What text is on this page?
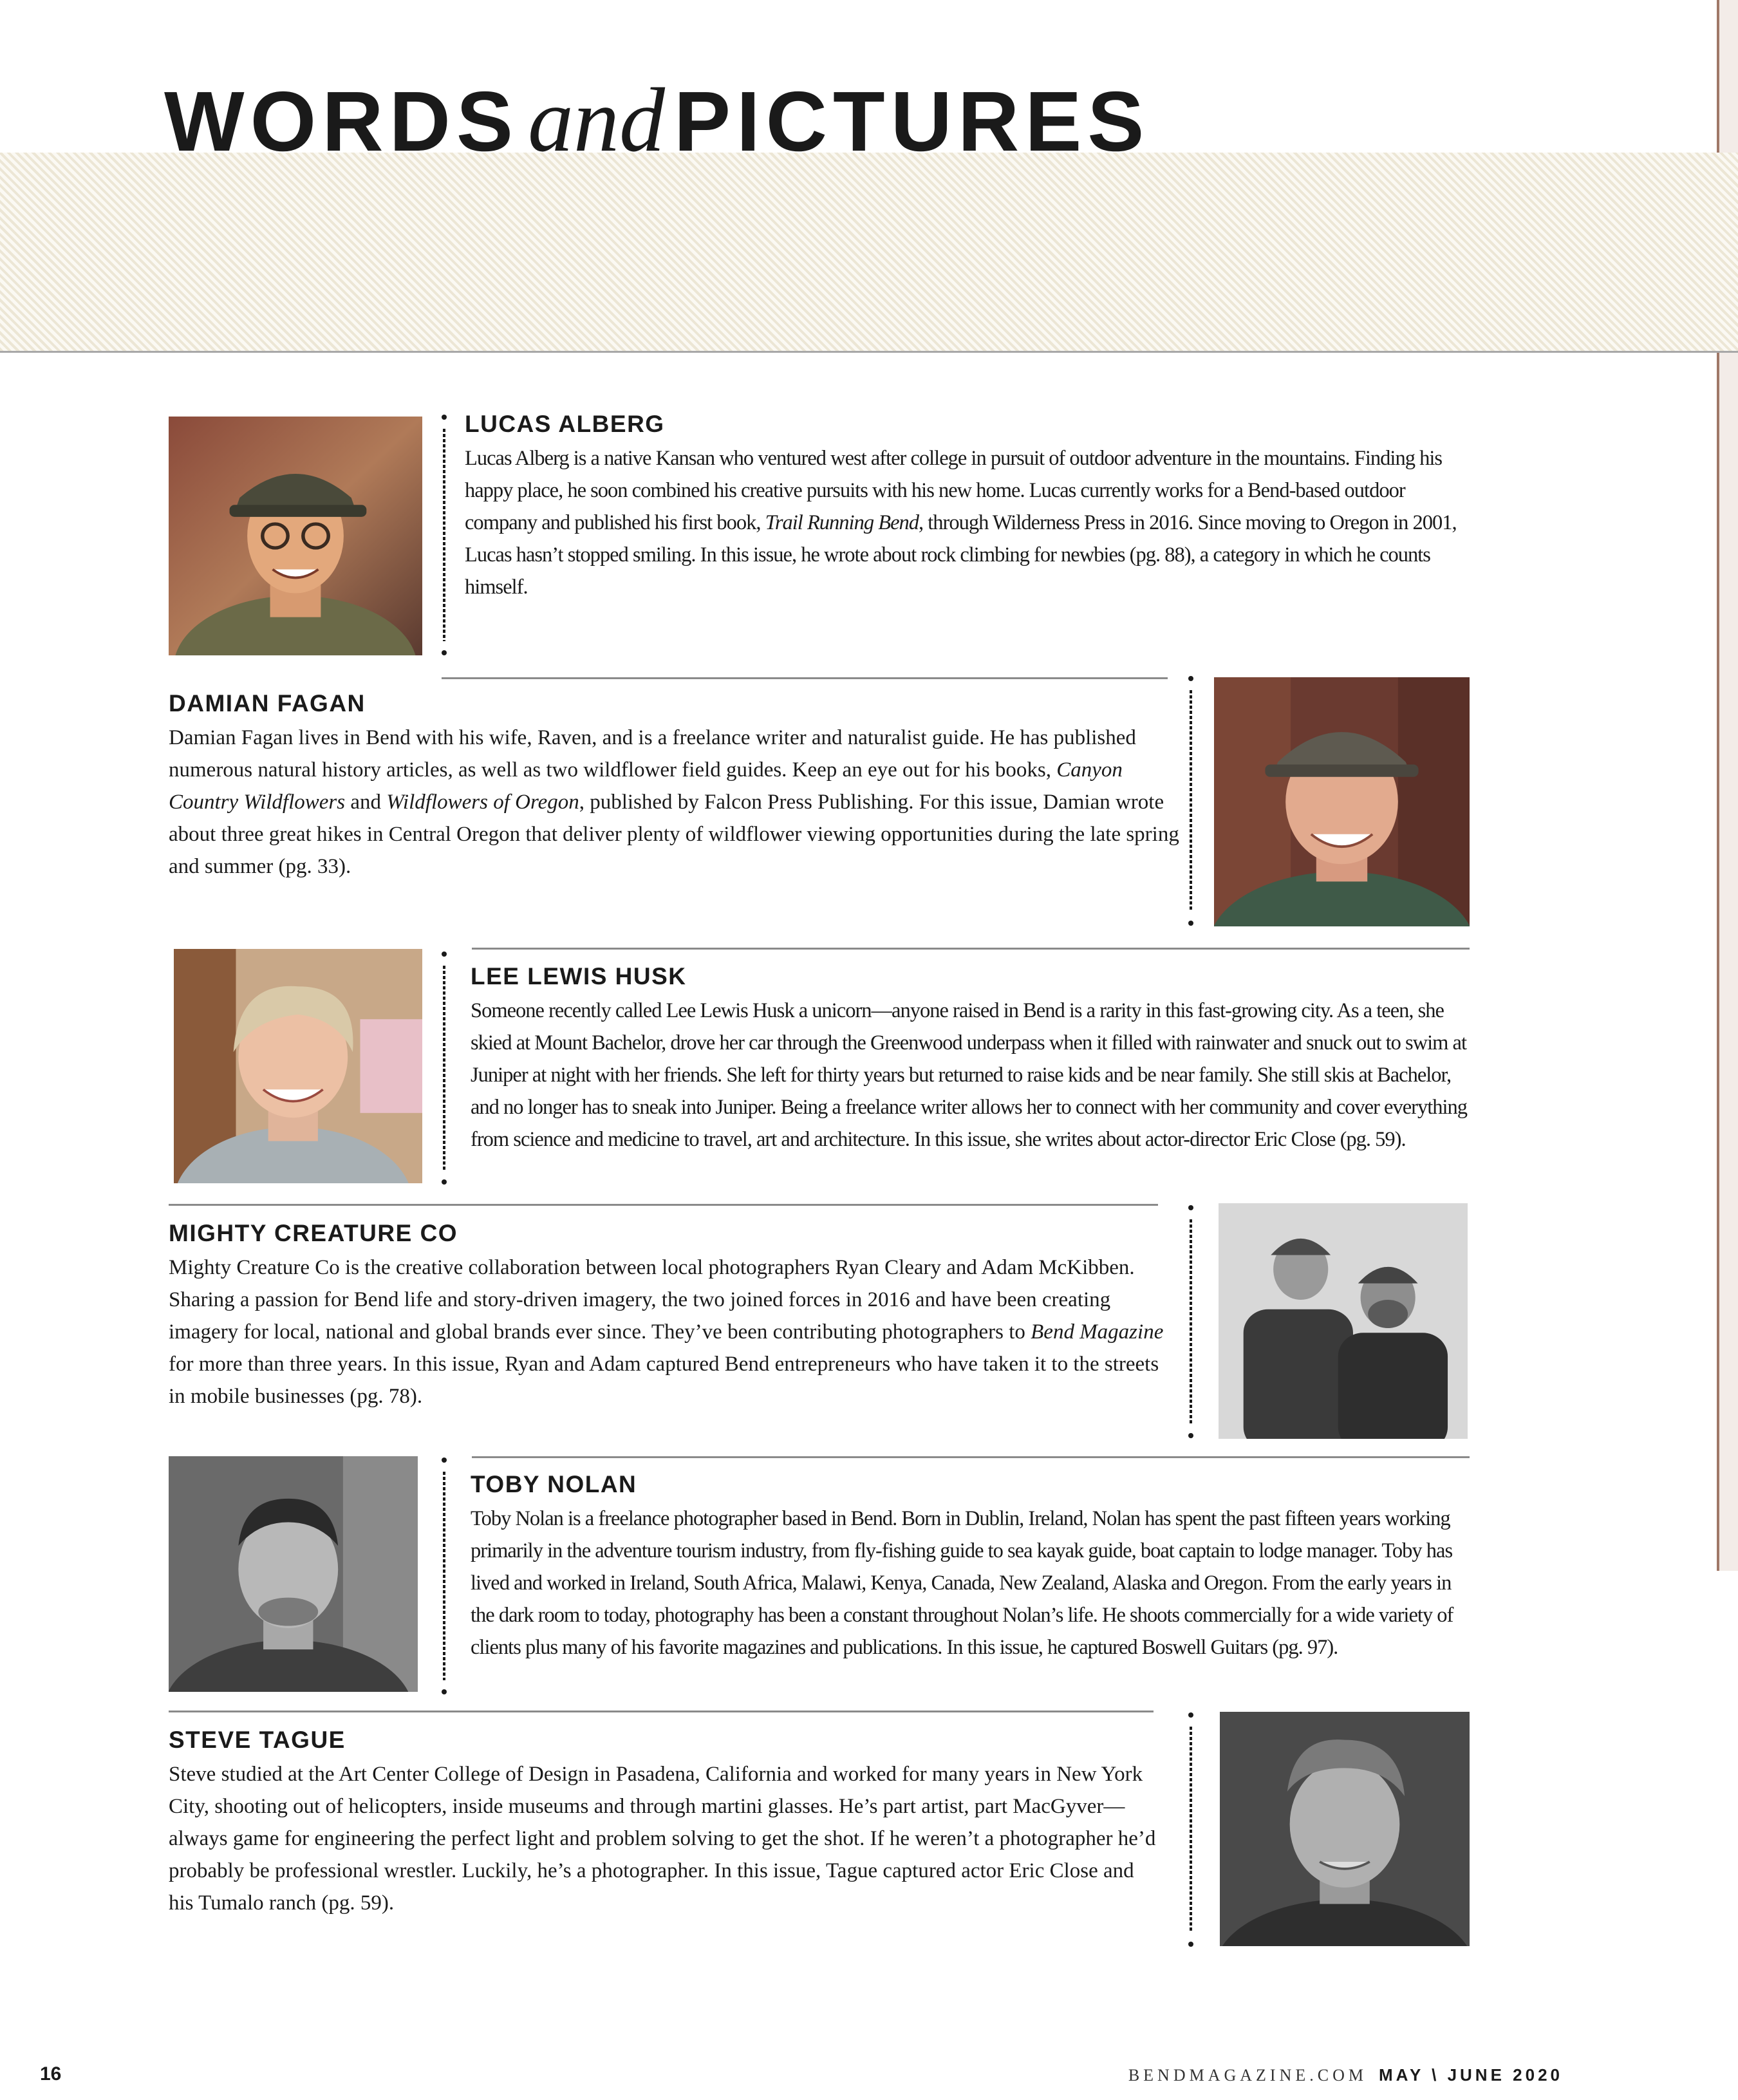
WORDSand PICTURES
LUCAS ALBERG

Lucas Alberg is a native Kansan who ventured west after college in pursuit of outdoor adventure in the mountains. Finding his happy place, he soon combined his creative pursuits with his new home. Lucas currently works for a Bend-based outdoor company and published his first book, Trail Running Bend, through Wilderness Press in 2016. Since moving to Oregon in 2001, Lucas hasn’t stopped smiling. In this issue, he wrote about rock climbing for newbies (pg. 88), a category in which he counts himself.

DAMIAN FAGAN

Damian Fagan lives in Bend with his wife, Raven, and is a freelance writer and naturalist guide. He has published numerous natural history articles, as well as two wildflower field guides. Keep an eye out for his books, Canyon Country Wildflowers and Wildflowers of Oregon, published by Falcon Press Publishing. For this issue, Damian wrote about three great hikes in Central Oregon that deliver plenty of wildflower viewing opportunities during the late spring and summer (pg. 33).

LEE LEWIS HUSK

Someone recently called Lee Lewis Husk a unicorn—anyone raised in Bend is a rarity in this fast-growing city. As a teen, she skied at Mount Bachelor, drove her car through the Greenwood underpass when it filled with rainwater and snuck out to swim at Juniper at night with her friends. She left for thirty years but returned to raise kids and be near family. She still skis at Bachelor, and no longer has to sneak into Juniper. Being a freelance writer allows her to connect with her community and cover everything from science and medicine to travel, art and architecture. In this issue, she writes about actor-director Eric Close (pg. 59).

MIGHTY CREATURE CO

Mighty Creature Co is the creative collaboration between local photographers Ryan Cleary and Adam McKibben. Sharing a passion for Bend life and story-driven imagery, the two joined forces in 2016 and have been creating imagery for local, national and global brands ever since. They’ve been contributing photographers to Bend Magazine for more than three years. In this issue, Ryan and Adam captured Bend entrepreneurs who have taken it to the streets in mobile businesses (pg. 78).

TOBY NOLAN

Toby Nolan is a freelance photographer based in Bend. Born in Dublin, Ireland, Nolan has spent the past fifteen years working primarily in the adventure tourism industry, from fly-fishing guide to sea kayak guide, boat captain to lodge manager. Toby has lived and worked in Ireland, South Africa, Malawi, Kenya, Canada, New Zealand, Alaska and Oregon. From the early years in the dark room to today, photography has been a constant throughout Nolan’s life. He shoots commercially for a wide variety of clients plus many of his favorite magazines and publications. In this issue, he captured Boswell Guitars (pg. 97).

STEVE TAGUE

Steve studied at the Art Center College of Design in Pasadena, California and worked for many years in New York City, shooting out of helicopters, inside museums and through martini glasses. He’s part artist, part MacGyver—always game for engineering the perfect light and problem solving to get the shot. If he weren’t a photographer he’d probably be professional wrestler. Luckily, he’s a photographer. In this issue, Tague captured actor Eric Close and his Tumalo ranch (pg. 59).

16	BENDMAGAZINE.COM MAY \ JUNE 2020
